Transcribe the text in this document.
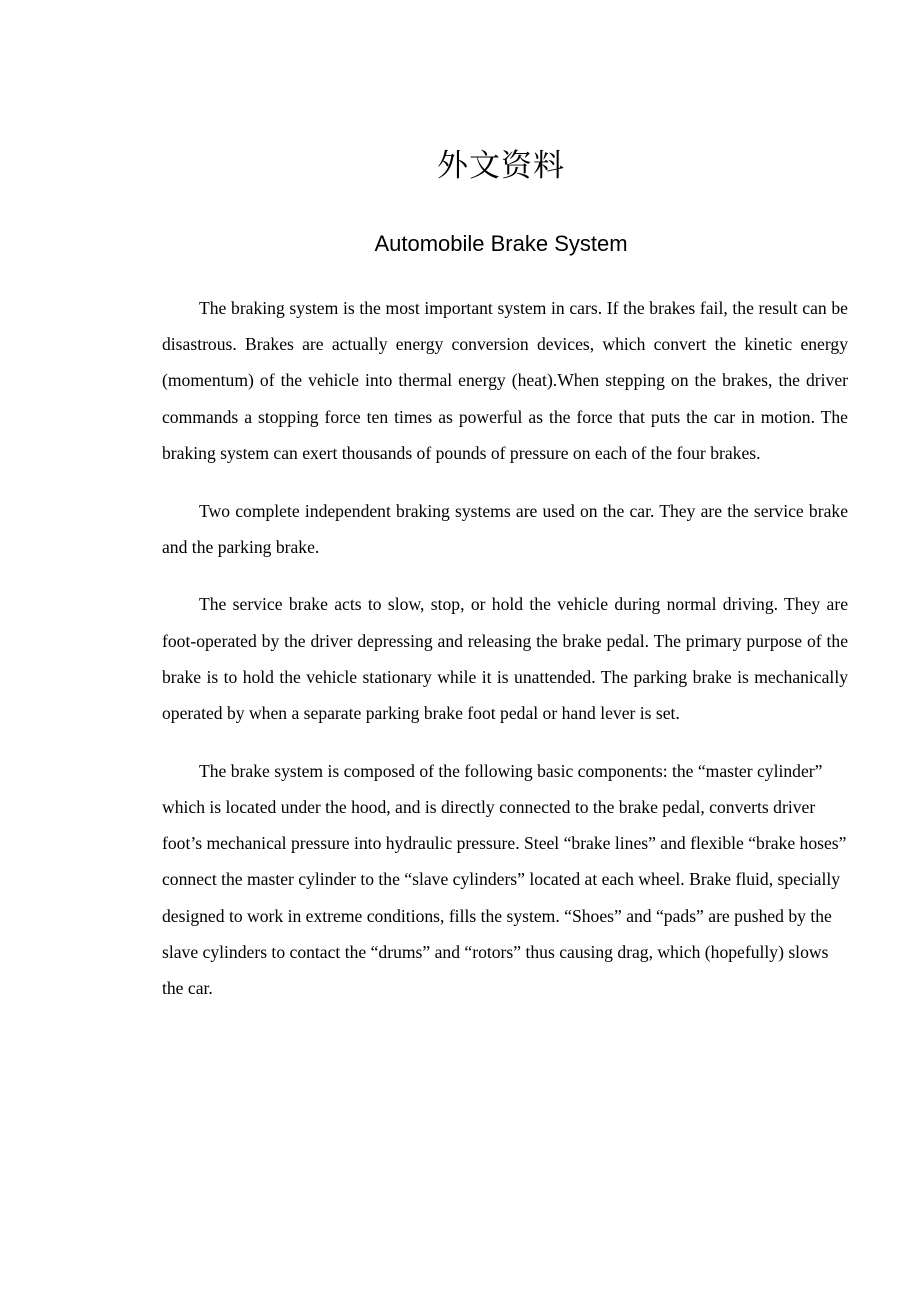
外文资料
Automobile Brake System

The braking system is the most important system in cars. If the brakes fail, the result can be disastrous. Brakes are actually energy conversion devices, which convert the kinetic energy (momentum) of the vehicle into thermal energy (heat).When stepping on the brakes, the driver commands a stopping force ten times as powerful as the force that puts the car in motion. The braking system can exert thousands of pounds of pressure on each of the four brakes.

Two complete independent braking systems are used on the car. They are the service brake and the parking brake.

The service brake acts to slow, stop, or hold the vehicle during normal driving. They are foot-operated by the driver depressing and releasing the brake pedal. The primary purpose of the brake is to hold the vehicle stationary while it is unattended. The parking brake is mechanically operated by when a separate parking brake foot pedal or hand lever is set.

The brake system is composed of the following basic components: the “master cylinder” which is located under the hood, and is directly connected to the brake pedal, converts driver foot’s mechanical pressure into hydraulic pressure. Steel “brake lines” and flexible “brake hoses” connect the master cylinder to the “slave cylinders” located at each wheel. Brake fluid, specially designed to work in extreme conditions, fills the system. “Shoes” and “pads” are pushed by the slave cylinders to contact the “drums” and “rotors” thus causing drag, which (hopefully) slows the car.
